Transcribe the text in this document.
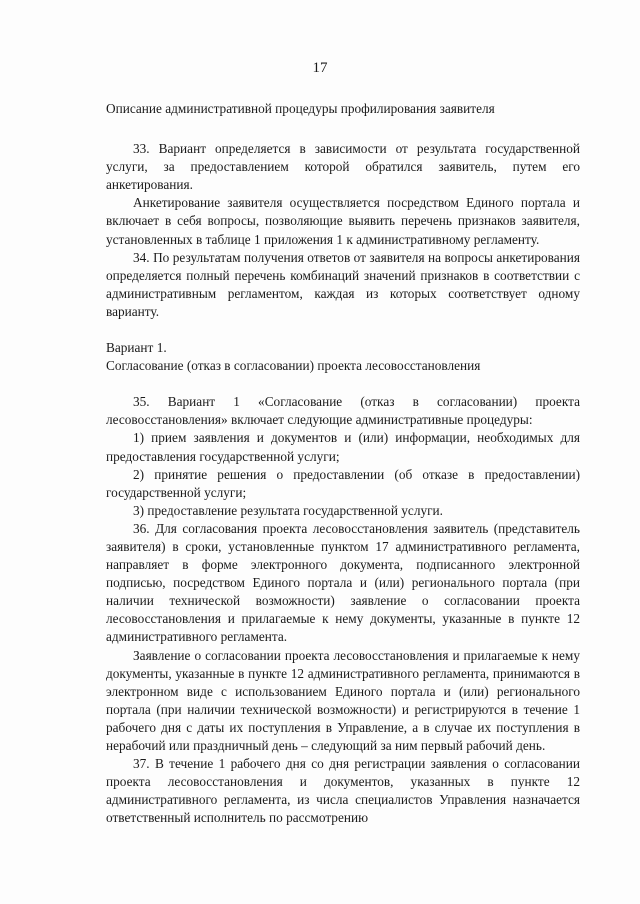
17

Описание административной процедуры профилирования заявителя

33. Вариант определяется в зависимости от результата государственной услуги, за предоставлением которой обратился заявитель, путем его анкетирования.

Анкетирование заявителя осуществляется посредством Единого портала и включает в себя вопросы, позволяющие выявить перечень признаков заявителя, установленных в таблице 1 приложения 1 к административному регламенту.

34. По результатам получения ответов от заявителя на вопросы анкетирования определяется полный перечень комбинаций значений признаков в соответствии с административным регламентом, каждая из которых соответствует одному варианту.

Вариант 1.

Согласование (отказ в согласовании) проекта лесовосстановления

35. Вариант 1 «Согласование (отказ в согласовании) проекта лесовосстановления» включает следующие административные процедуры:

1) прием заявления и документов и (или) информации, необходимых для предоставления государственной услуги;

2) принятие решения о предоставлении (об отказе в предоставлении) государственной услуги;

3) предоставление результата государственной услуги.

36. Для согласования проекта лесовосстановления заявитель (представитель заявителя) в сроки, установленные пунктом 17 административного регламента, направляет в форме электронного документа, подписанного электронной подписью, посредством Единого портала и (или) регионального портала (при наличии технической возможности) заявление о согласовании проекта лесовосстановления и прилагаемые к нему документы, указанные в пункте 12 административного регламента.

Заявление о согласовании проекта лесовосстановления и прилагаемые к нему документы, указанные в пункте 12 административного регламента, принимаются в электронном виде с использованием Единого портала и (или) регионального портала (при наличии технической возможности) и регистрируются в течение 1 рабочего дня с даты их поступления в Управление, а в случае их поступления в нерабочий или праздничный день – следующий за ним первый рабочий день.

37. В течение 1 рабочего дня со дня регистрации заявления о согласовании проекта лесовосстановления и документов, указанных в пункте 12 административного регламента, из числа специалистов Управления назначается ответственный исполнитель по рассмотрению
